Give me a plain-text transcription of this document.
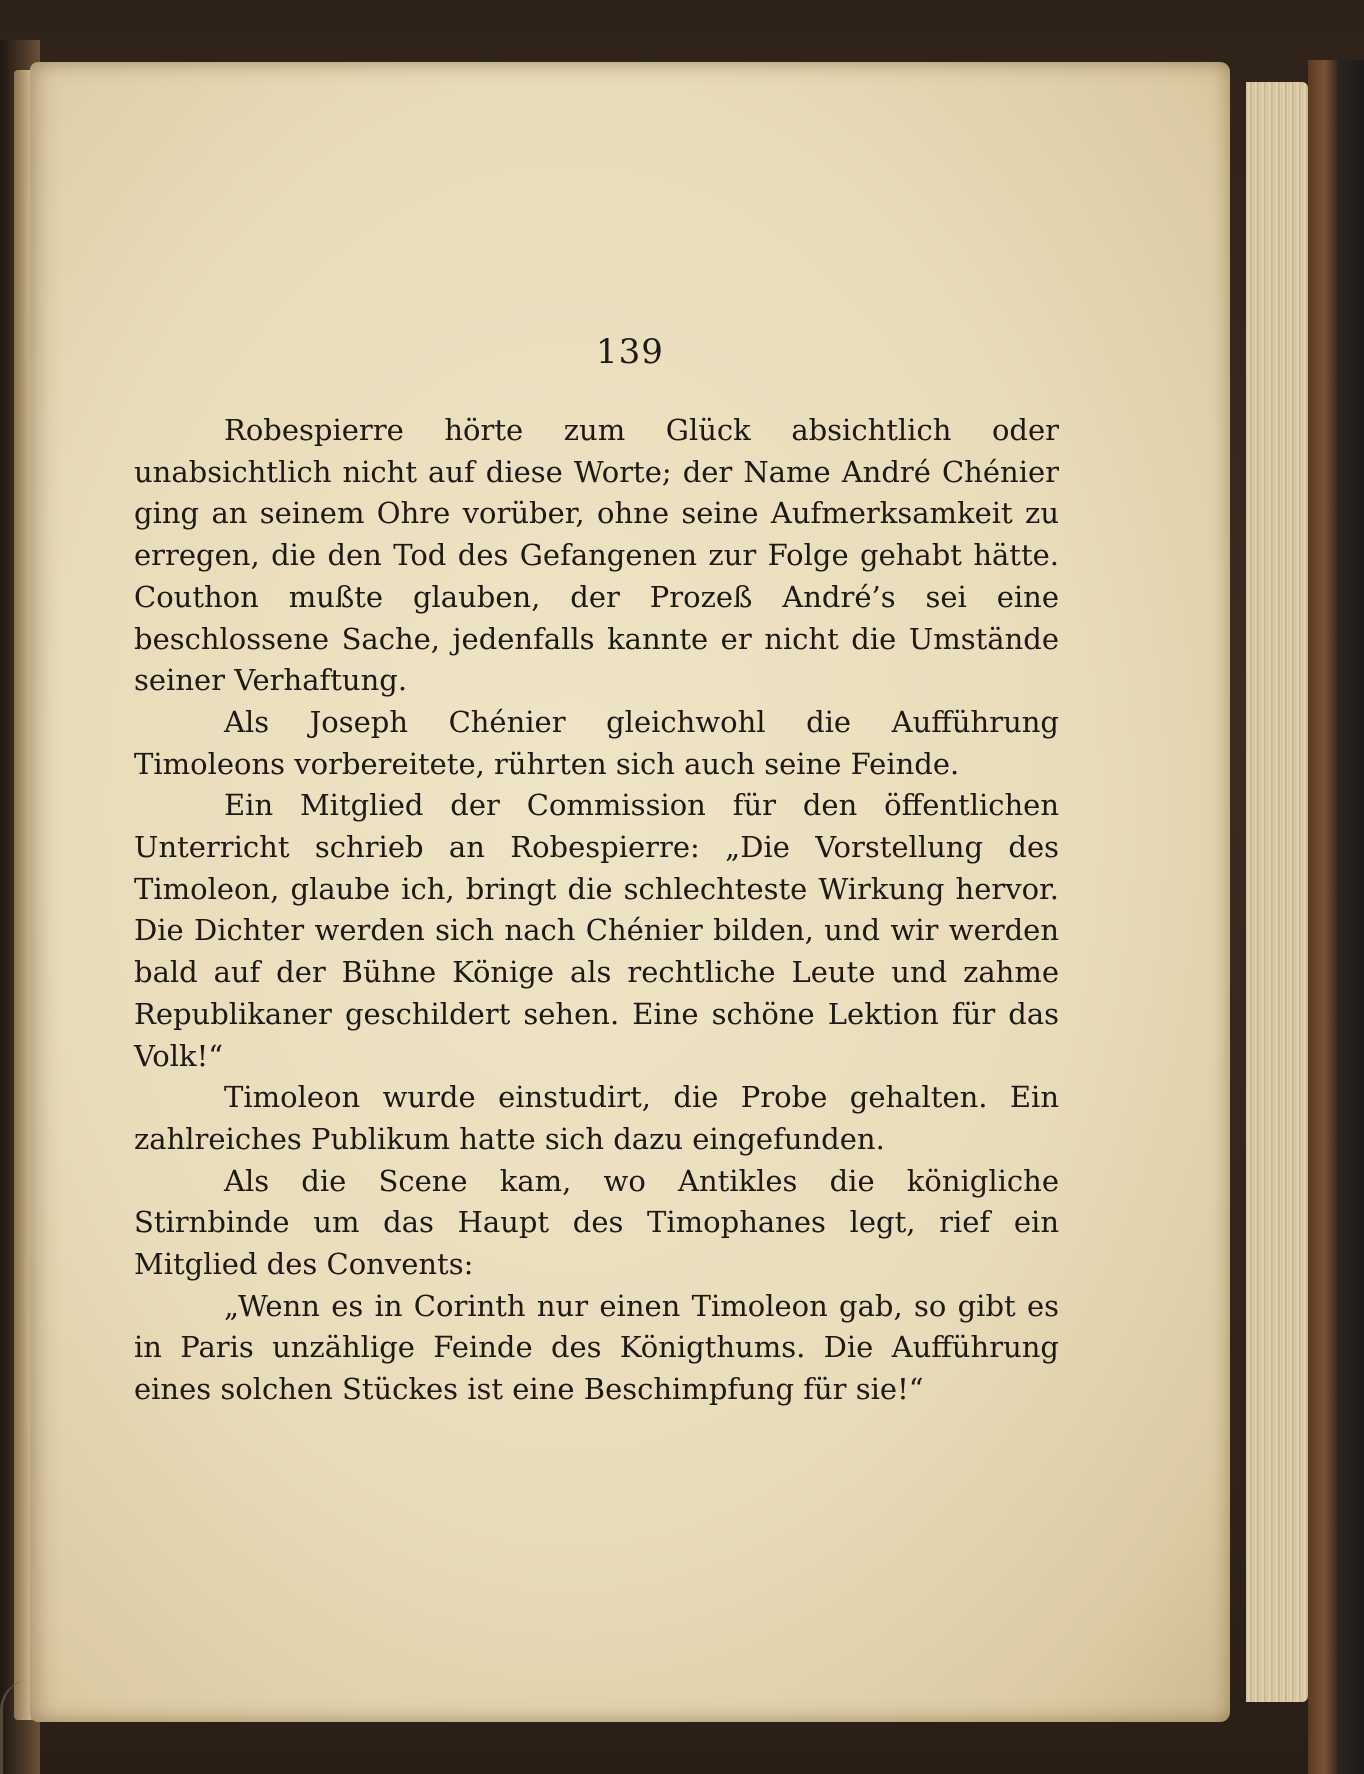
139

Robespierre hörte zum Glück absichtlich oder unabsichtlich nicht auf diese Worte; der Name André Chénier ging an seinem Ohre vorüber, ohne seine Aufmerksamkeit zu erregen, die den Tod des Gefangenen zur Folge gehabt hätte. Couthon mußte glauben, der Prozeß André’s sei eine beschlossene Sache, jedenfalls kannte er nicht die Umstände seiner Verhaftung.

Als Joseph Chénier gleichwohl die Aufführung Timoleons vorbereitete, rührten sich auch seine Feinde.

Ein Mitglied der Commission für den öffentlichen Unterricht schrieb an Robespierre: „Die Vorstellung des Timoleon, glaube ich, bringt die schlechteste Wirkung hervor. Die Dichter werden sich nach Chénier bilden, und wir werden bald auf der Bühne Könige als rechtliche Leute und zahme Republikaner geschildert sehen. Eine schöne Lektion für das Volk!“

Timoleon wurde einstudirt, die Probe gehalten. Ein zahlreiches Publikum hatte sich dazu eingefunden.

Als die Scene kam, wo Antikles die königliche Stirnbinde um das Haupt des Timophanes legt, rief ein Mitglied des Convents:

„Wenn es in Corinth nur einen Timoleon gab, so gibt es in Paris unzählige Feinde des Königthums. Die Aufführung eines solchen Stückes ist eine Beschimpfung für sie!“
